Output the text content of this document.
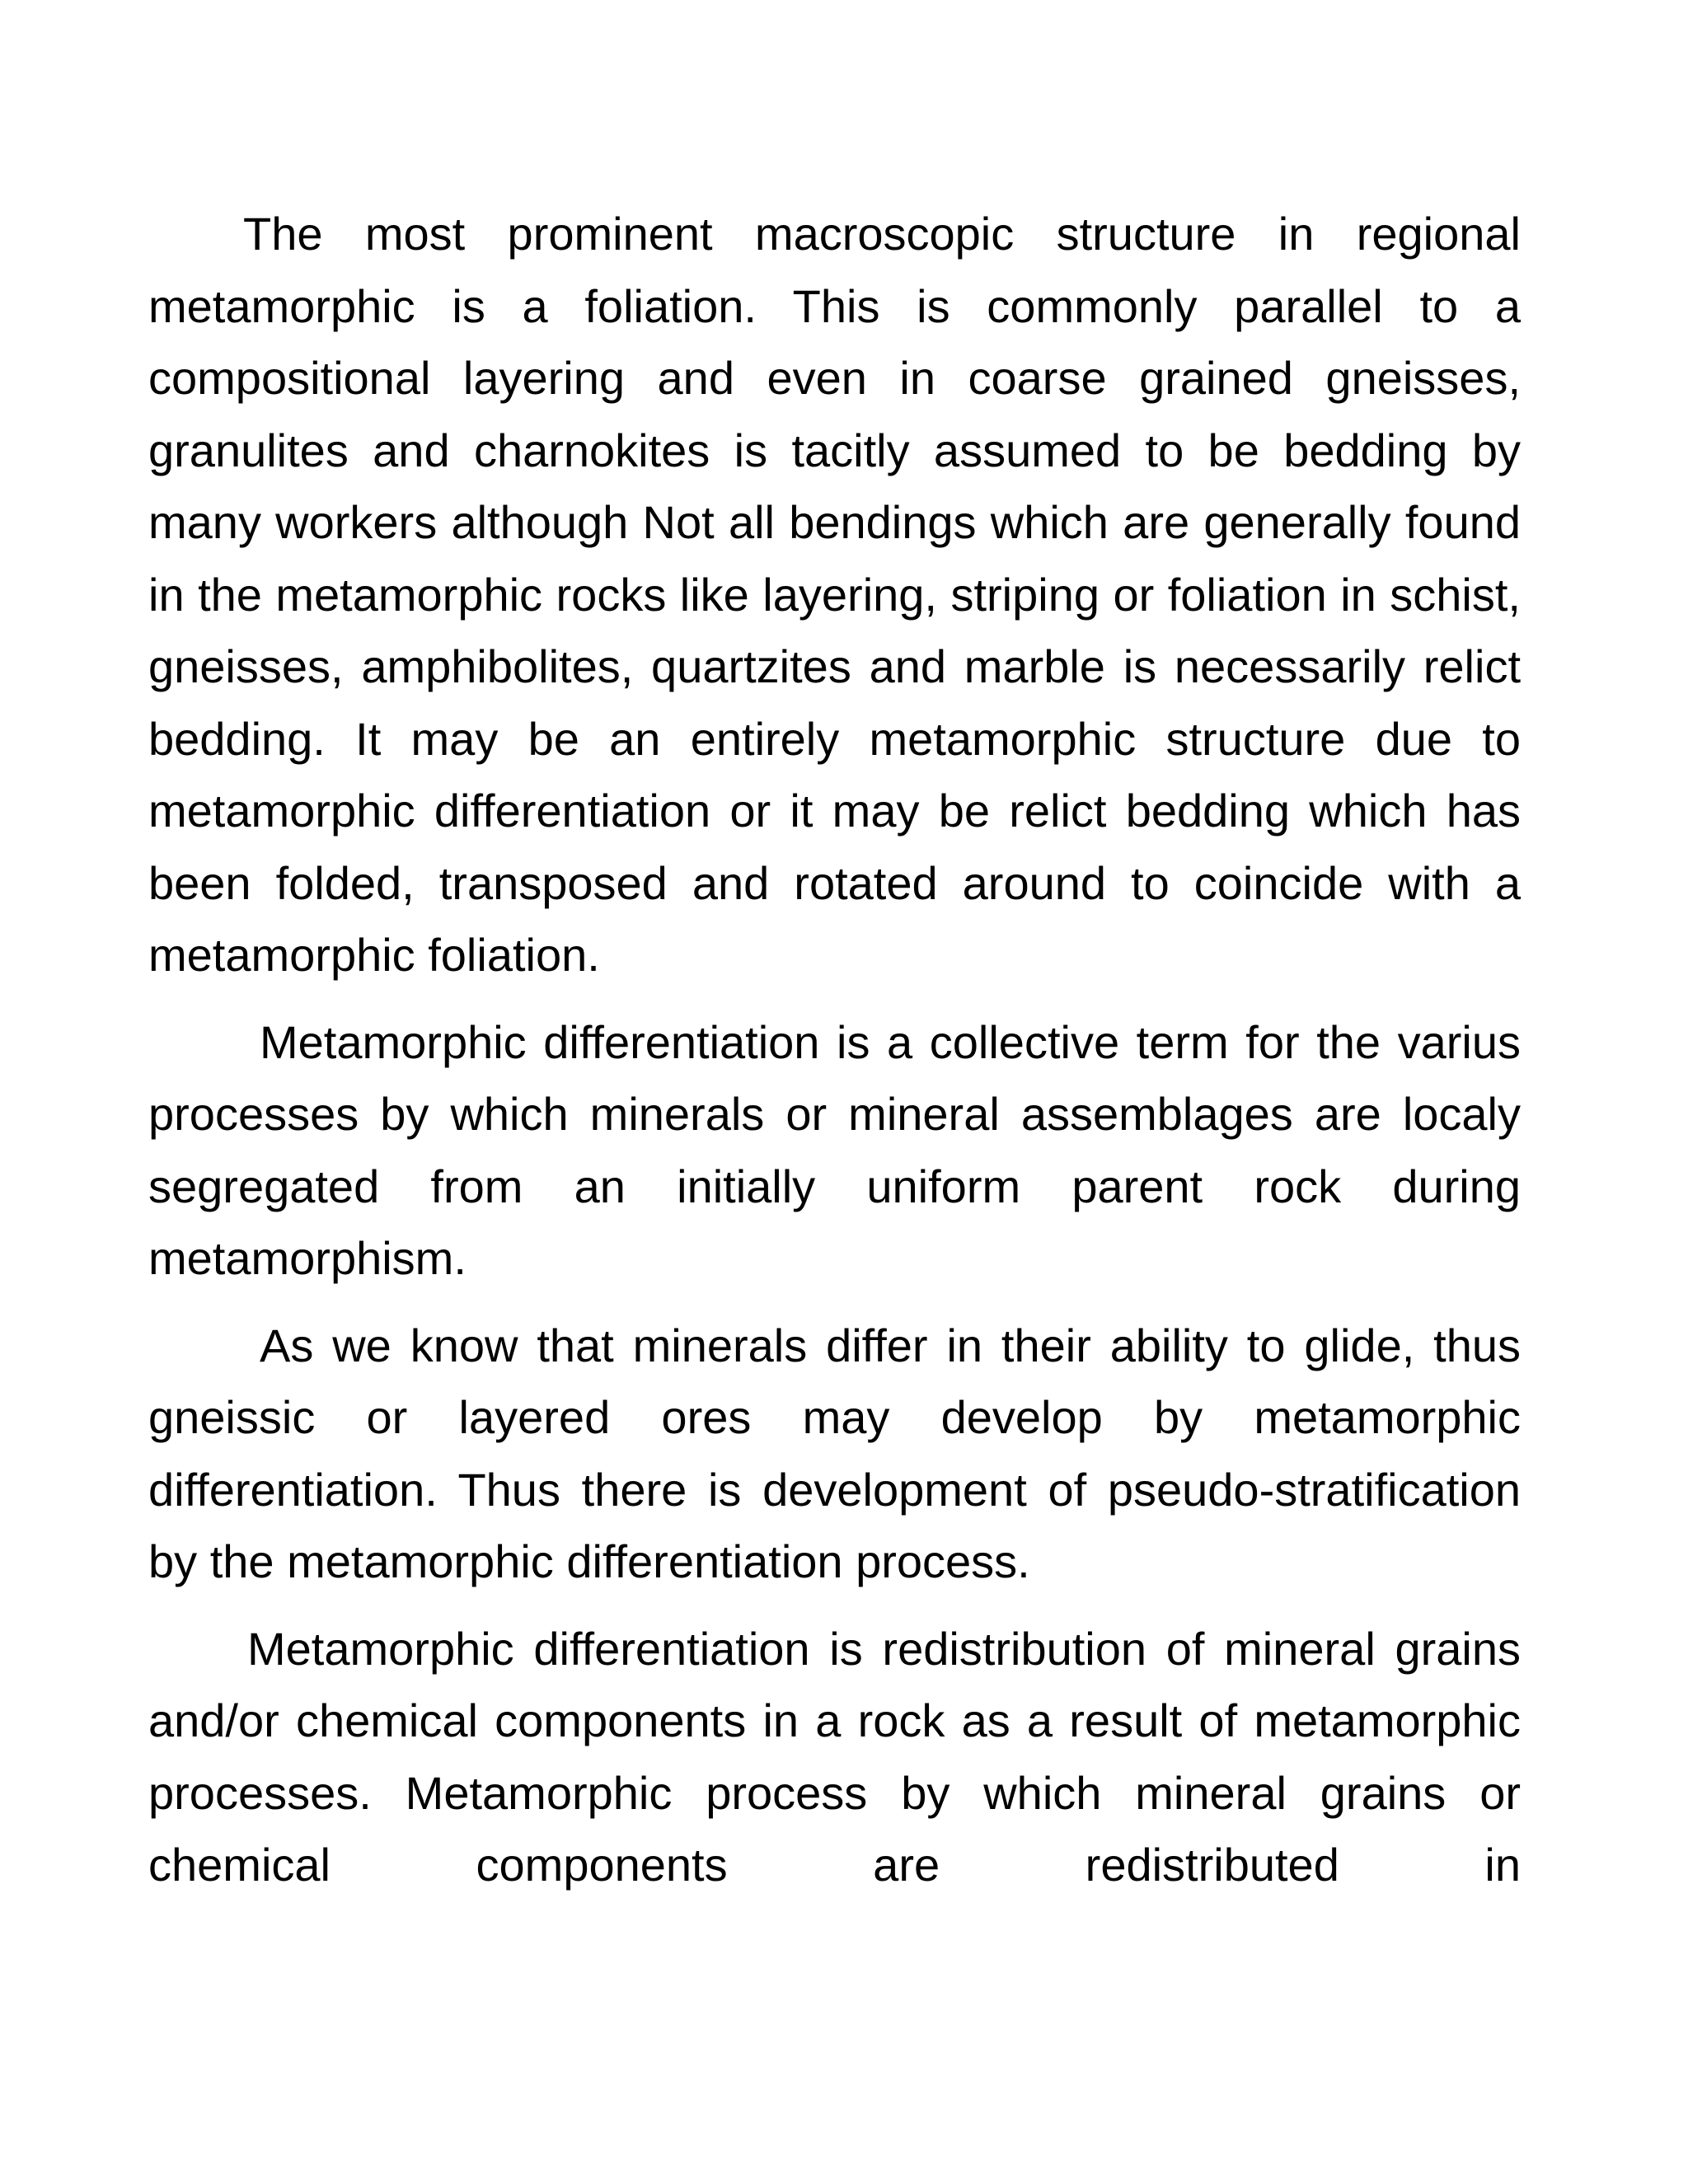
The most prominent macroscopic structure in regional metamorphic is a foliation. This is commonly parallel to a compositional layering and even in coarse grained gneisses, granulites and charnokites is tacitly assumed to be bedding by many workers although Not all bendings which are generally found in the metamorphic rocks like layering, striping or foliation in schist, gneisses, amphibolites, quartzites and marble is necessarily relict bedding. It may be an entirely metamorphic structure due to metamorphic differentiation or it may be relict bedding which has been folded, transposed and rotated around to coincide with a metamorphic foliation.

Metamorphic differentiation is a collective term for the varius processes by which minerals or mineral assemblages are localy segregated from an initially uniform parent rock during metamorphism.

As we know that minerals differ in their ability to glide, thus gneissic or layered ores may develop by metamorphic differentiation. Thus there is development of pseudo-stratification by the metamorphic differentiation process.

Metamorphic differentiation is redistribution of mineral grains and/or chemical components in a rock as a result of metamorphic processes. Metamorphic process by which mineral grains or chemical components are redistributed in
